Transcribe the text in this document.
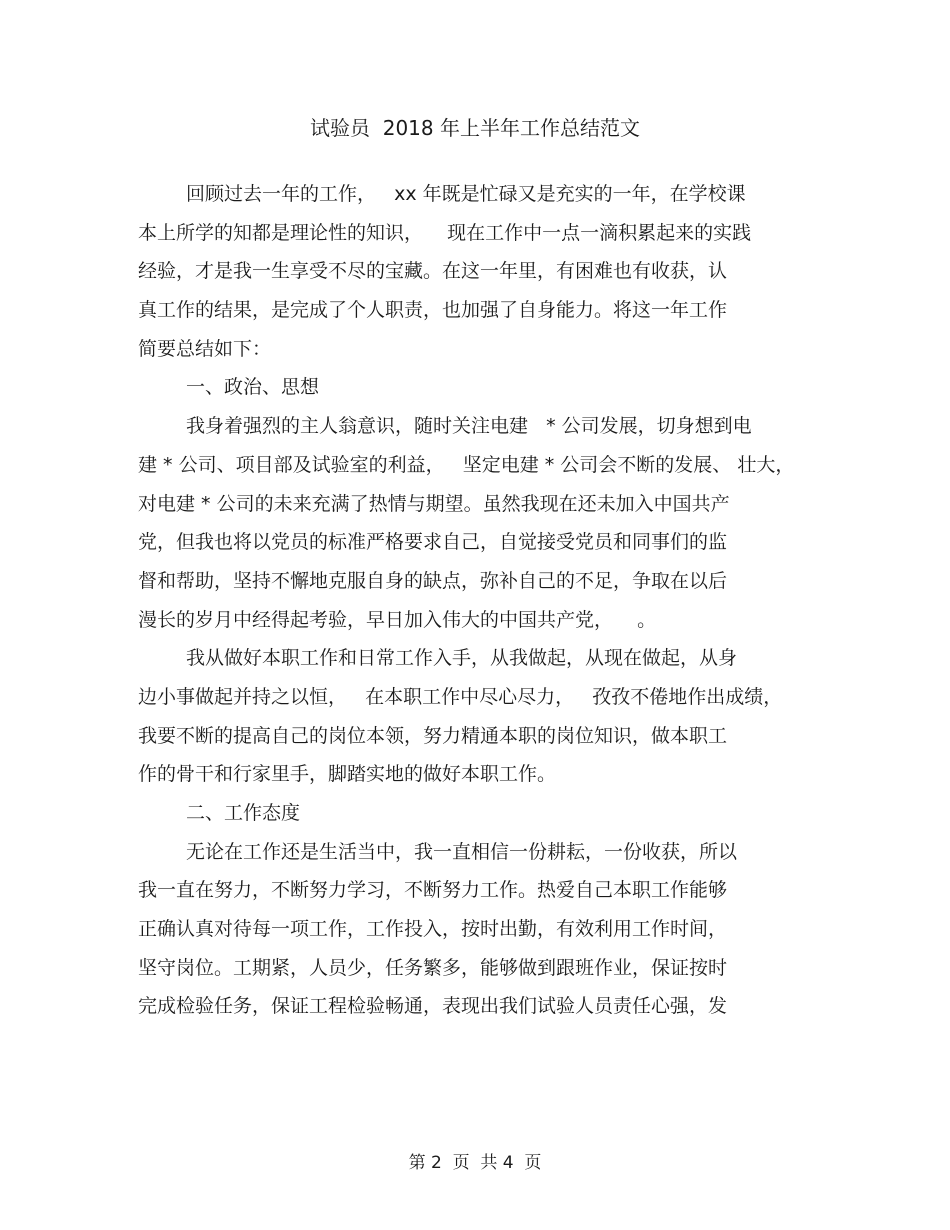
试验员  2018 年上半年工作总结范文
回顾过去一年的工作，   xx 年既是忙碌又是充实的一年，在学校课
本上所学的知都是理论性的知识，    现在工作中一点一滴积累起来的实践
经验，才是我一生享受不尽的宝藏。在这一年里，有困难也有收获，认
真工作的结果，是完成了个人职责，也加强了自身能力。将这一年工作
简要总结如下：
一、政治、思想
我身着强烈的主人翁意识，随时关注电建   * 公司发展，切身想到电
建 * 公司、项目部及试验室的利益，   坚定电建 * 公司会不断的发展、 壮大，
对电建 * 公司的未来充满了热情与期望。虽然我现在还未加入中国共产
党，但我也将以党员的标准严格要求自己，自觉接受党员和同事们的监
督和帮助，坚持不懈地克服自身的缺点，弥补自己的不足，争取在以后
漫长的岁月中经得起考验，早日加入伟大的中国共产党，    。
我从做好本职工作和日常工作入手，从我做起，从现在做起，从身
边小事做起并持之以恒，   在本职工作中尽心尽力，   孜孜不倦地作出成绩，
我要不断的提高自己的岗位本领，努力精通本职的岗位知识，做本职工
作的骨干和行家里手，脚踏实地的做好本职工作。
二、工作态度
无论在工作还是生活当中，我一直相信一份耕耘，一份收获，所以
我一直在努力，不断努力学习，不断努力工作。热爱自己本职工作能够
正确认真对待每一项工作，工作投入，按时出勤，有效利用工作时间，
坚守岗位。工期紧，人员少，任务繁多，能够做到跟班作业，保证按时
完成检验任务，保证工程检验畅通，表现出我们试验人员责任心强，发
第 2  页  共 4  页
